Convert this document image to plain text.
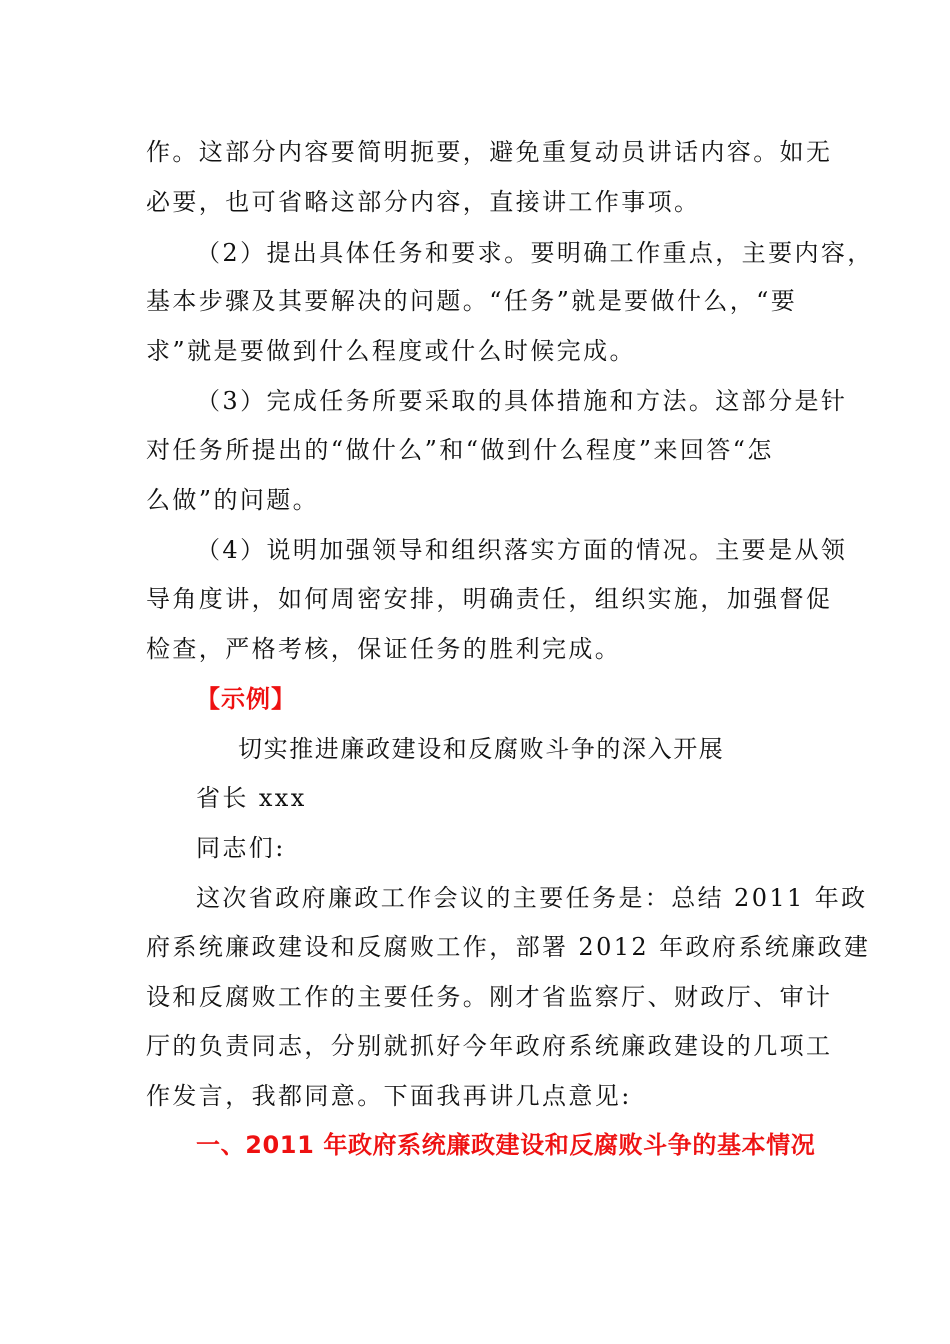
作。这部分内容要简明扼要，避免重复动员讲话内容。如无

必要，也可省略这部分内容，直接讲工作事项。

（2）提出具体任务和要求。要明确工作重点，主要内容，

基本步骤及其要解决的问题。“任务”就是要做什么，“要

求”就是要做到什么程度或什么时候完成。

（3）完成任务所要采取的具体措施和方法。这部分是针

对任务所提出的“做什么”和“做到什么程度”来回答“怎

么做”的问题。

（4）说明加强领导和组织落实方面的情况。主要是从领

导角度讲，如何周密安排，明确责任，组织实施，加强督促

检查，严格考核，保证任务的胜利完成。

【示例】

切实推进廉政建设和反腐败斗争的深入开展

省长 xxx

同志们:

这次省政府廉政工作会议的主要任务是：总结 2011 年政

府系统廉政建设和反腐败工作，部署 2012 年政府系统廉政建

设和反腐败工作的主要任务。刚才省监察厅、财政厅、审计

厅的负责同志，分别就抓好今年政府系统廉政建设的几项工

作发言，我都同意。下面我再讲几点意见:

一、2011 年政府系统廉政建设和反腐败斗争的基本情况
